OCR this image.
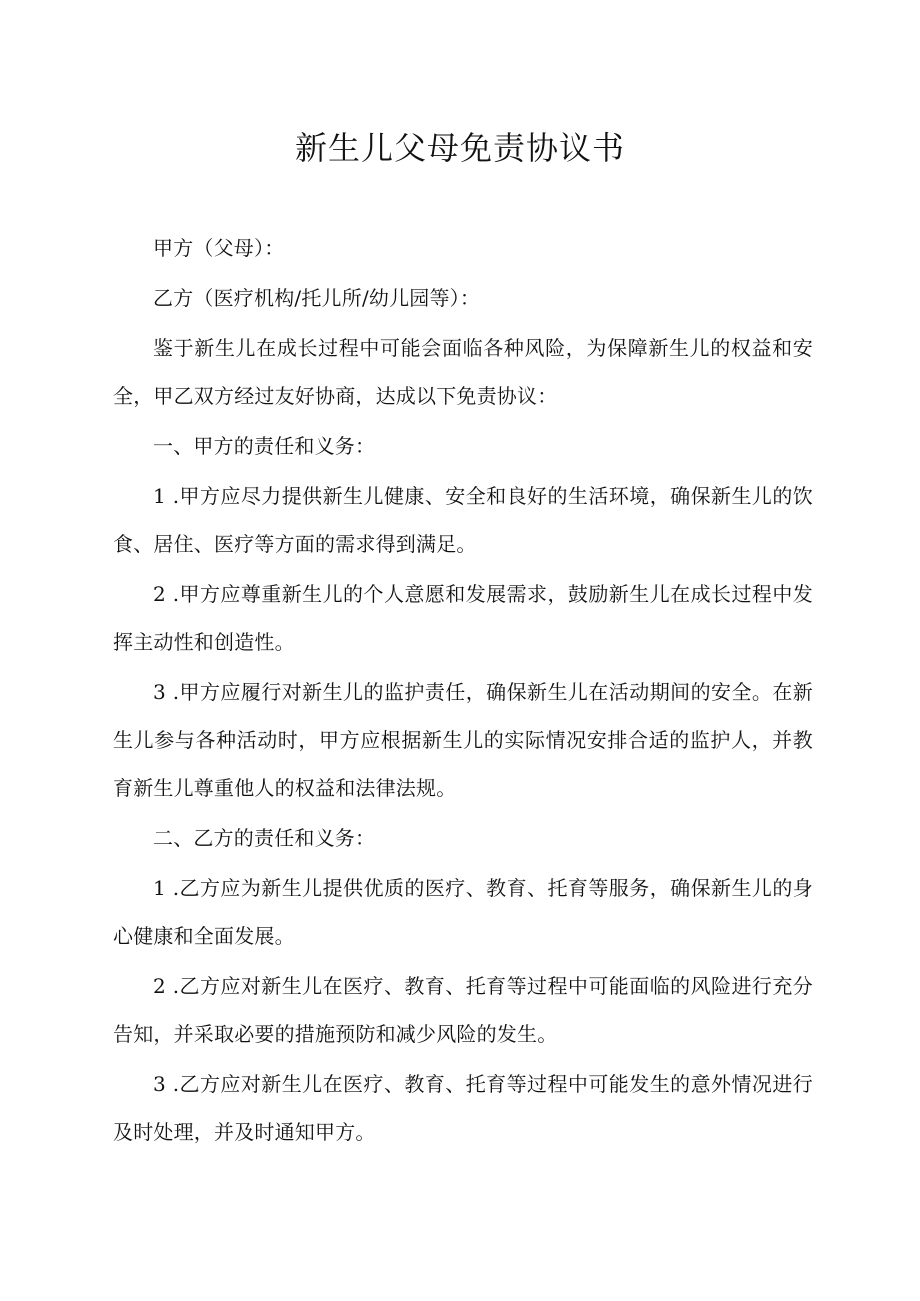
新生儿父母免责协议书

甲方（父母）：

乙方（医疗机构/托儿所/幼儿园等）：

鉴于新生儿在成长过程中可能会面临各种风险，为保障新生儿的权益和安全，甲乙双方经过友好协商，达成以下免责协议：

一、甲方的责任和义务：

1 .甲方应尽力提供新生儿健康、安全和良好的生活环境，确保新生儿的饮食、居住、医疗等方面的需求得到满足。

2 .甲方应尊重新生儿的个人意愿和发展需求，鼓励新生儿在成长过程中发挥主动性和创造性。

3 .甲方应履行对新生儿的监护责任，确保新生儿在活动期间的安全。在新生儿参与各种活动时，甲方应根据新生儿的实际情况安排合适的监护人，并教育新生儿尊重他人的权益和法律法规。

二、乙方的责任和义务：

1 .乙方应为新生儿提供优质的医疗、教育、托育等服务，确保新生儿的身心健康和全面发展。

2 .乙方应对新生儿在医疗、教育、托育等过程中可能面临的风险进行充分告知，并采取必要的措施预防和减少风险的发生。

3 .乙方应对新生儿在医疗、教育、托育等过程中可能发生的意外情况进行及时处理，并及时通知甲方。
